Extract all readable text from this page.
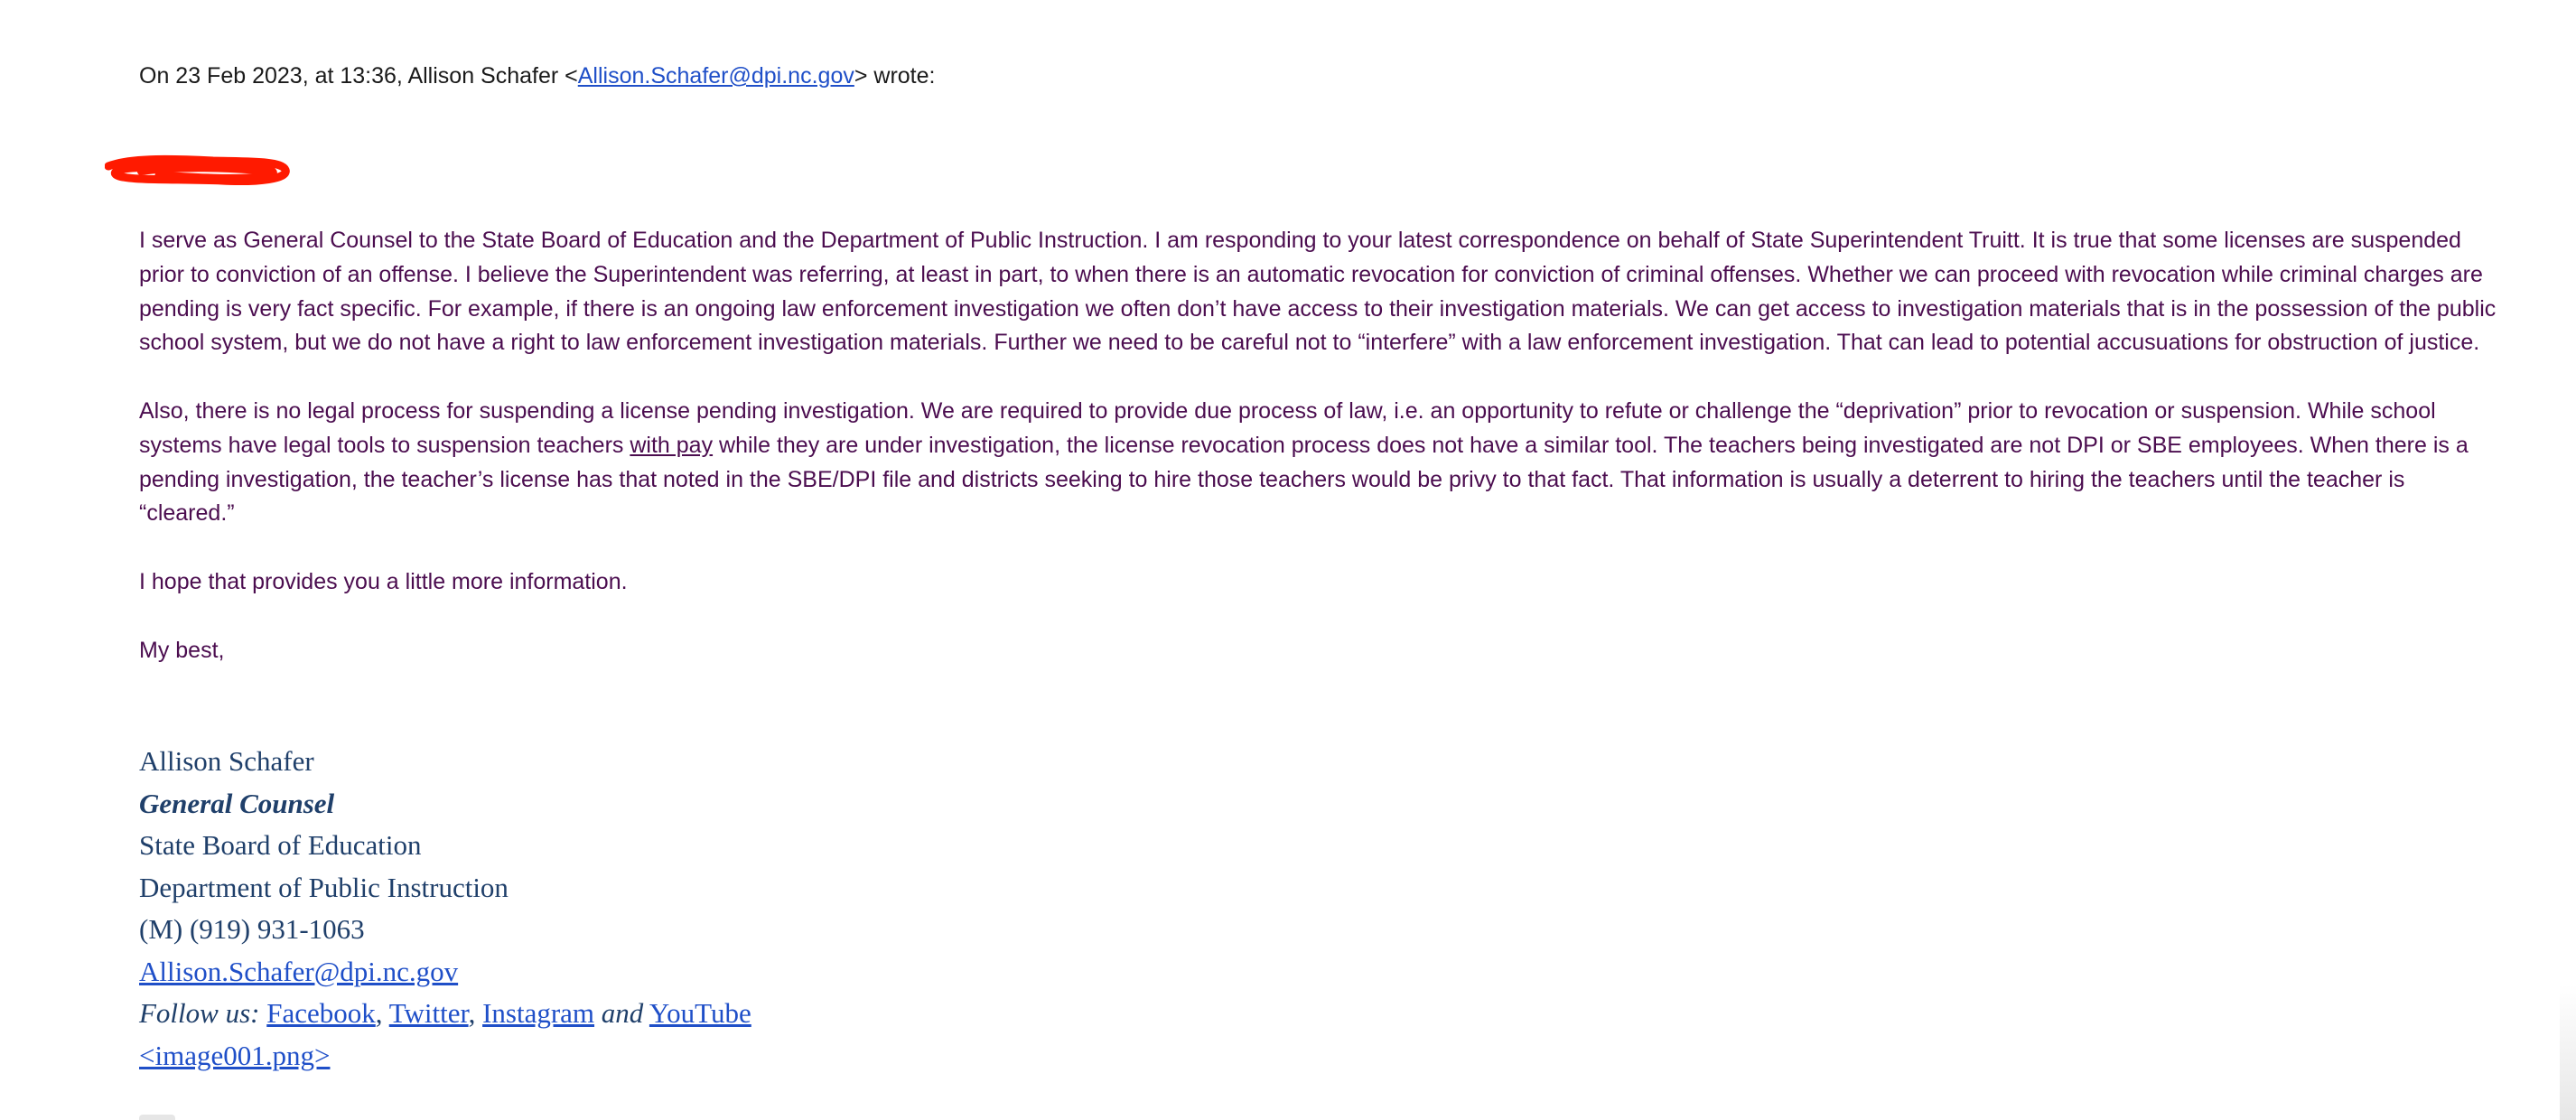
On 23 Feb 2023, at 13:36, Allison Schafer <Allison.Schafer@dpi.nc.gov> wrote:

I serve as General Counsel to the State Board of Education and the Department of Public Instruction. I am responding to your latest correspondence on behalf of State Superintendent Truitt. It is true that some licenses are suspended prior to conviction of an offense. I believe the Superintendent was referring, at least in part, to when there is an automatic revocation for conviction of criminal offenses. Whether we can proceed with revocation while criminal charges are pending is very fact specific. For example, if there is an ongoing law enforcement investigation we often don’t have access to their investigation materials. We can get access to investigation materials that is in the possession of the public school system, but we do not have a right to law enforcement investigation materials. Further we need to be careful not to “interfere” with a law enforcement investigation. That can lead to potential accusuations for obstruction of justice.

Also, there is no legal process for suspending a license pending investigation. We are required to provide due process of law, i.e. an opportunity to refute or challenge the “deprivation” prior to revocation or suspension. While school systems have legal tools to suspension teachers with pay while they are under investigation, the license revocation process does not have a similar tool. The teachers being investigated are not DPI or SBE employees. When there is a pending investigation, the teacher’s license has that noted in the SBE/DPI file and districts seeking to hire those teachers would be privy to that fact. That information is usually a deterrent to hiring the teachers until the teacher is “cleared.”

I hope that provides you a little more information.

My best,

Allison Schafer
General Counsel
State Board of Education
Department of Public Instruction
(M) (919) 931-1063
Allison.Schafer@dpi.nc.gov
Follow us: Facebook, Twitter, Instagram and YouTube
<image001.png>
